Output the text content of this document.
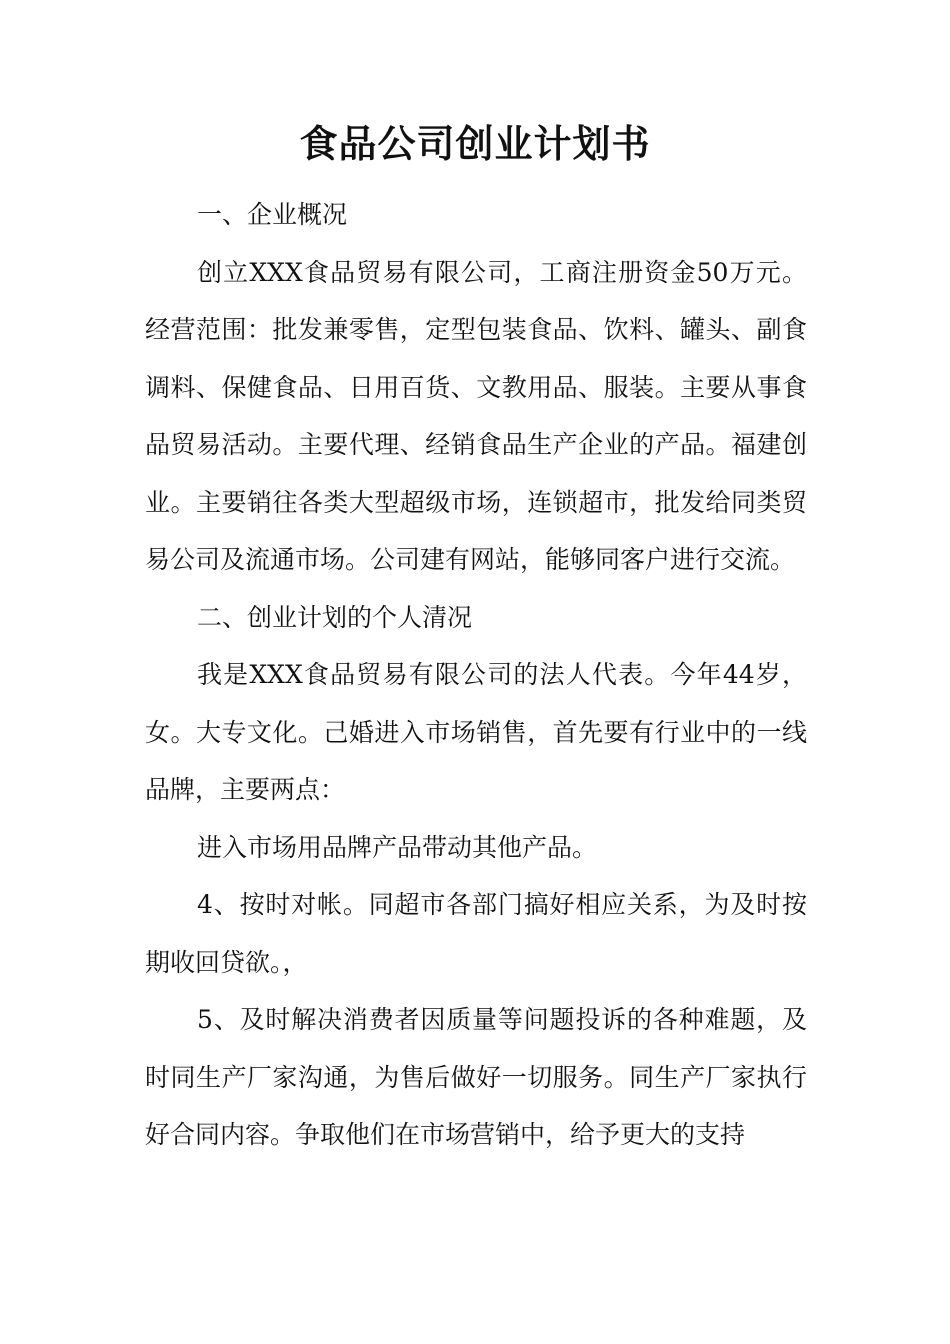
食品公司创业计划书

一、企业概况

创立XXX食品贸易有限公司，工商注册资金50万元。经营范围：批发兼零售，定型包装食品、饮料、罐头、副食调料、保健食品、日用百货、文教用品、服装。主要从事食品贸易活动。主要代理、经销食品生产企业的产品。福建创业。主要销往各类大型超级市场，连锁超市，批发给同类贸易公司及流通市场。公司建有网站，能够同客户进行交流。

二、创业计划的个人清况

我是XXX食品贸易有限公司的法人代表。今年44岁，女。大专文化。己婚进入市场销售，首先要有行业中的一线品牌，主要两点：

进入市场用品牌产品带动其他产品。

4、按时对帐。同超市各部门搞好相应关系，为及时按期收回贷欲。，

5、及时解决消费者因质量等问题投诉的各种难题，及时同生产厂家沟通，为售后做好一切服务。同生产厂家执行好合同内容。争取他们在市场营销中，给予更大的支持
